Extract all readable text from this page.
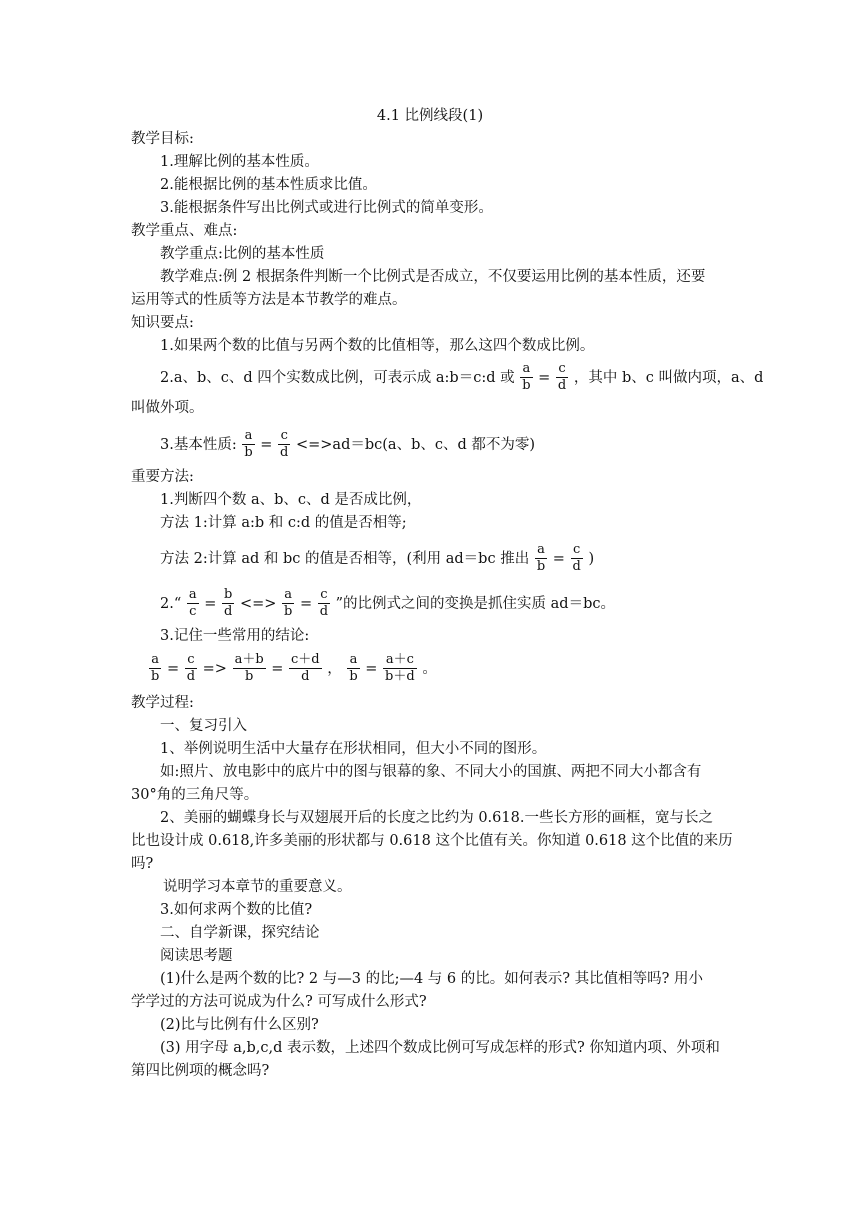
4.1 比例线段(1)
教学目标:
1.理解比例的基本性质。
2.能根据比例的基本性质求比值。
3.能根据条件写出比例式或进行比例式的简单变形。
教学重点、难点:
教学重点:比例的基本性质
教学难点:例 2 根据条件判断一个比例式是否成立，不仅要运用比例的基本性质，还要
运用等式的性质等方法是本节教学的难点。
知识要点:
1.如果两个数的比值与另两个数的比值相等，那么这四个数成比例。
2.a、b、c、d 四个实数成比例，可表示成 a:b＝c:d 或 $\frac{a}{b} = \frac{c}{d}$ ，其中 b、c 叫做内项，a、d
叫做外项。
3.基本性质: $\frac{a}{b} = \frac{c}{d} <=>ad=bc(a$、b、c、d 都不为零)
重要方法:
1.判断四个数 a、b、c、d 是否成比例，
方法 1:计算 a:b 和 c:d 的值是否相等;
方法 2:计算 ad 和 bc 的值是否相等，(利用 ad＝bc 推出 $\frac{a}{b} = \frac{c}{d}$ )
2.“ $\frac{a}{c} = \frac{b}{d}$ <=> $\frac{a}{b} = \frac{c}{d}$ ”的比例式之间的变换是抓住实质 ad＝bc。
3.记住一些常用的结论:
$\frac{a}{b} = \frac{c}{d} => \frac{a+b}{b} = \frac{c+d}{d}$ ， $\frac{a}{b} = \frac{a+c}{b+d}$ 。
教学过程:
一、复习引入
1、举例说明生活中大量存在形状相同，但大小不同的图形。
如:照片、放电影中的底片中的图与银幕的象、不同大小的国旗、两把不同大小都含有
30°角的三角尺等。
2、美丽的蝴蝶身长与双翅展开后的长度之比约为 0.618.一些长方形的画框，宽与长之
比也设计成 0.618,许多美丽的形状都与 0.618 这个比值有关。你知道 0.618 这个比值的来历
吗?
说明学习本章节的重要意义。
3.如何求两个数的比值?
二、自学新课，探究结论
阅读思考题
(1)什么是两个数的比? 2 与—3 的比;—4 与 6 的比。如何表示? 其比值相等吗? 用小
学学过的方法可说成为什么? 可写成什么形式?
(2)比与比例有什么区别?
(3) 用字母 a,b,c,d 表示数，上述四个数成比例可写成怎样的形式? 你知道内项、外项和
第四比例项的概念吗?
